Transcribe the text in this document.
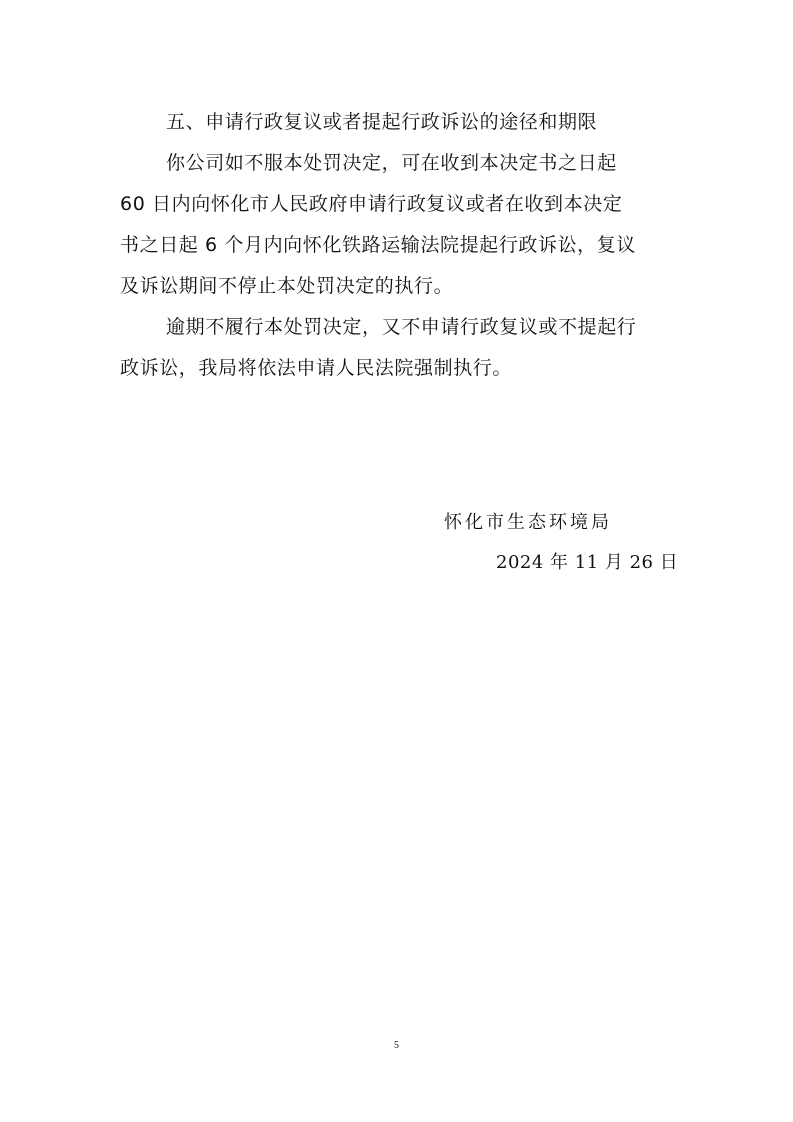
五、申请行政复议或者提起行政诉讼的途径和期限
你公司如不服本处罚决定，可在收到本决定书之日起
60 日内向怀化市人民政府申请行政复议或者在收到本决定
书之日起 6 个月内向怀化铁路运输法院提起行政诉讼，复议
及诉讼期间不停止本处罚决定的执行。
逾期不履行本处罚决定，又不申请行政复议或不提起行
政诉讼，我局将依法申请人民法院强制执行。
怀化市生态环境局
2024 年 11 月 26 日
5
